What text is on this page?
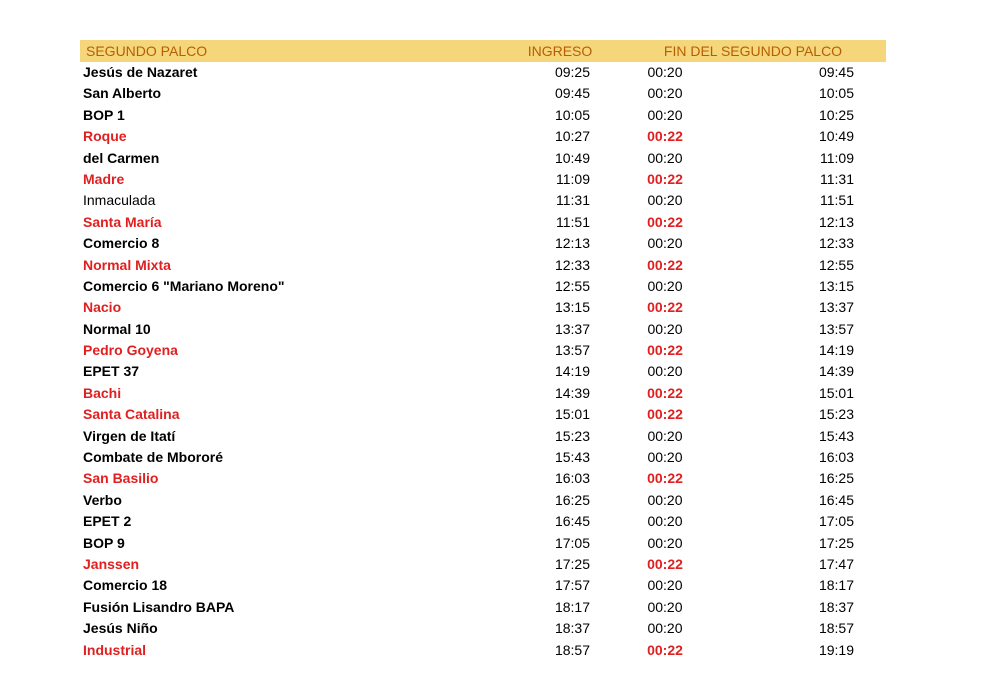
SEGUNDO PALCO	INGRESO	FIN DEL SEGUNDO PALCO
Jesús de Nazaret	09:25	00:20	09:45
San Alberto	09:45	00:20	10:05
BOP 1	10:05	00:20	10:25
Roque	10:27	00:22	10:49
del Carmen	10:49	00:20	11:09
Madre	11:09	00:22	11:31
Inmaculada	11:31	00:20	11:51
Santa María	11:51	00:22	12:13
Comercio 8	12:13	00:20	12:33
Normal Mixta	12:33	00:22	12:55
Comercio 6 "Mariano Moreno"	12:55	00:20	13:15
Nacio	13:15	00:22	13:37
Normal 10	13:37	00:20	13:57
Pedro Goyena	13:57	00:22	14:19
EPET 37	14:19	00:20	14:39
Bachi	14:39	00:22	15:01
Santa Catalina	15:01	00:22	15:23
Virgen de Itatí	15:23	00:20	15:43
Combate de Mbororé	15:43	00:20	16:03
San Basilio	16:03	00:22	16:25
Verbo	16:25	00:20	16:45
EPET 2	16:45	00:20	17:05
BOP 9	17:05	00:20	17:25
Janssen	17:25	00:22	17:47
Comercio 18	17:57	00:20	18:17
Fusión Lisandro BAPA	18:17	00:20	18:37
Jesús Niño	18:37	00:20	18:57
Industrial	18:57	00:22	19:19
